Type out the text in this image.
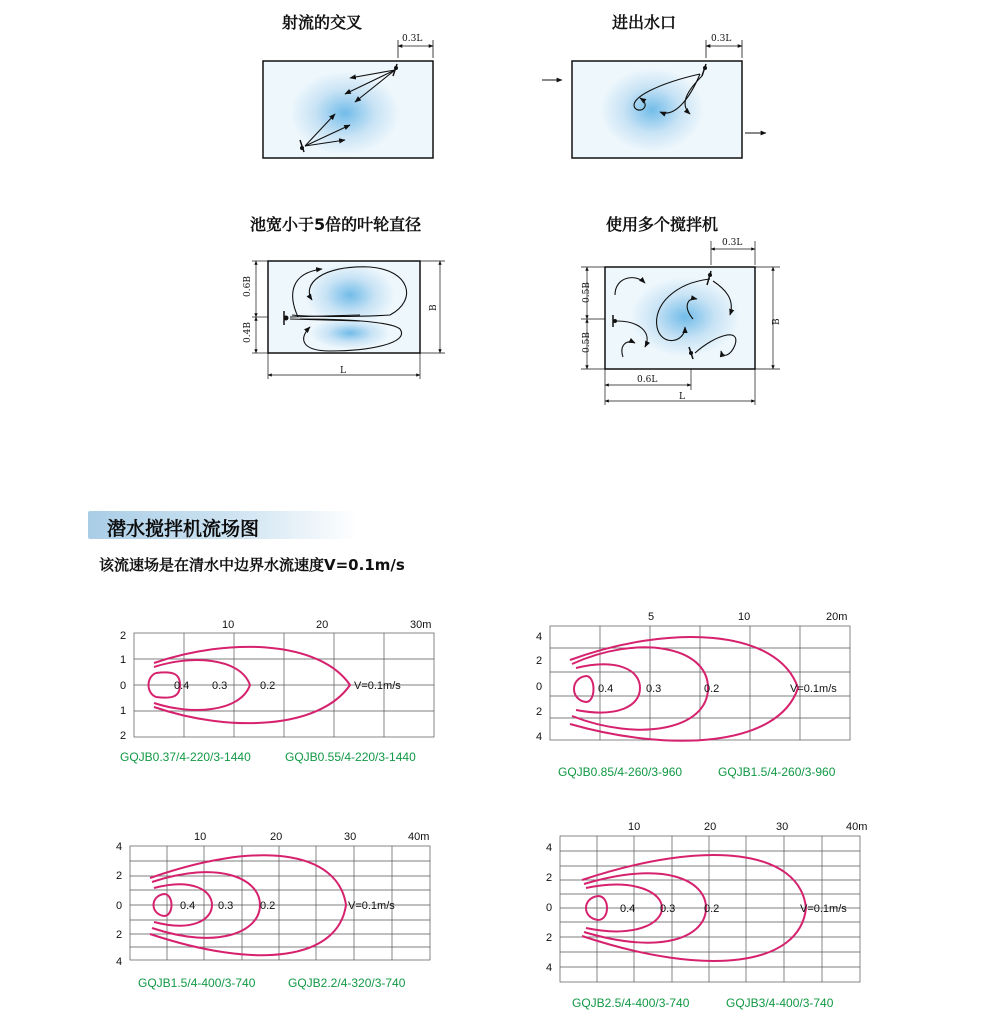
射流的交叉
0.3L
进出水口
0.3L
池宽小于5倍的叶轮直径
0.6B
0.4B
B
L
使用多个搅拌机
0.3L
0.5B
0.5B
B
0.6L
L
潜水搅拌机流场图
该流速场是在清水中边界水流速度V=0.1m/s
10	20	30m
2
1
0
1
2
0.4 0.3	0.2	V=0.1m/s
GQJB0.37/4-220/3-1440	GQJB0.55/4-220/3-1440
5	10	20m
4
2
0
2
4
0.4	0.3	0.2	V=0.1m/s
GQJB0.85/4-260/3-960	GQJB1.5/4-260/3-960
10	20	30	40m
4
2
0
2
4
0.4 0.3 0.2	V=0.1m/s
GQJB1.5/4-400/3-740	GQJB2.2/4-320/3-740
10	20	30	40m
4
2
0
2
4
0.4 0.3	0.2	V=0.1m/s
GQJB2.5/4-400/3-740	GQJB3/4-400/3-740
